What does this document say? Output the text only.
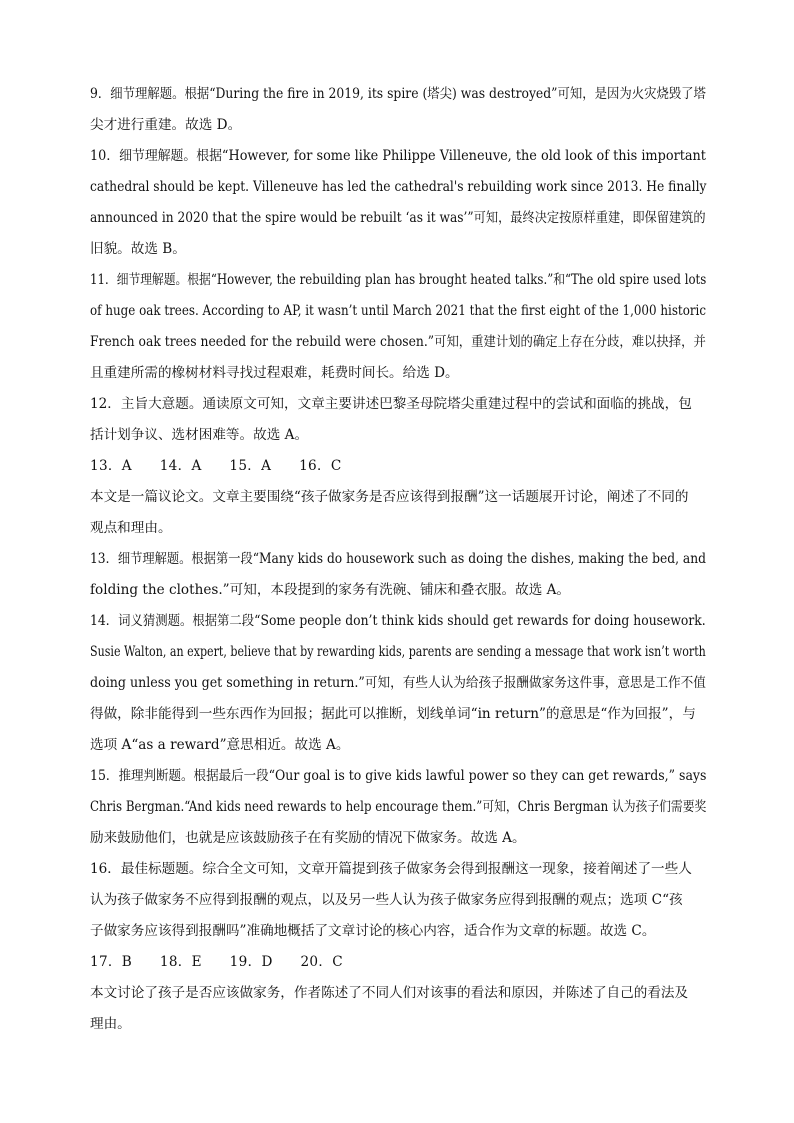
9．细节理解题。根据“During the fire in 2019, its spire (塔尖) was destroyed”可知，是因为火灾烧毁了塔
尖才进行重建。故选 D。
10．细节理解题。根据“However, for some like Philippe Villeneuve, the old look of this important
cathedral should be kept. Villeneuve has led the cathedral's rebuilding work since 2013. He finally
announced in 2020 that the spire would be rebuilt ‘as it was’”可知，最终决定按原样重建，即保留建筑的
旧貌。故选 B。
11．细节理解题。根据“However, the rebuilding plan has brought heated talks.”和“The old spire used lots
of huge oak trees. According to AP, it wasn’t until March 2021 that the first eight of the 1,000 historic
French oak trees needed for the rebuild were chosen.”可知，重建计划的确定上存在分歧，难以抉择，并
且重建所需的橡树材料寻找过程艰难，耗费时间长。给选 D。
12．主旨大意题。通读原文可知，文章主要讲述巴黎圣母院塔尖重建过程中的尝试和面临的挑战，包
括计划争议、选材困难等。故选 A。
13．A　　14．A　　15．A　　16．C
本文是一篇议论文。文章主要围绕“孩子做家务是否应该得到报酬”这一话题展开讨论，阐述了不同的
观点和理由。
13．细节理解题。根据第一段“Many kids do housework such as doing the dishes, making the bed, and
folding the clothes.”可知，本段提到的家务有洗碗、铺床和叠衣服。故选 A。
14．词义猜测题。根据第二段“Some people don’t think kids should get rewards for doing housework.
Susie Walton, an expert, believe that by rewarding kids, parents are sending a message that work isn’t worth
doing unless you get something in return.”可知，有些人认为给孩子报酬做家务这件事，意思是工作不值
得做，除非能得到一些东西作为回报；据此可以推断，划线单词“in return”的意思是“作为回报”，与
选项 A“as a reward”意思相近。故选 A。
15．推理判断题。根据最后一段“Our goal is to give kids lawful power so they can get rewards,” says
Chris Bergman.“And kids need rewards to help encourage them.”可知，Chris Bergman 认为孩子们需要奖
励来鼓励他们，也就是应该鼓励孩子在有奖励的情况下做家务。故选 A。
16．最佳标题题。综合全文可知，文章开篇提到孩子做家务会得到报酬这一现象，接着阐述了一些人
认为孩子做家务不应得到报酬的观点，以及另一些人认为孩子做家务应得到报酬的观点；选项 C“孩
子做家务应该得到报酬吗”准确地概括了文章讨论的核心内容，适合作为文章的标题。故选 C。
17．B　　18．E　　19．D　　20．C
本文讨论了孩子是否应该做家务，作者陈述了不同人们对该事的看法和原因，并陈述了自己的看法及
理由。
